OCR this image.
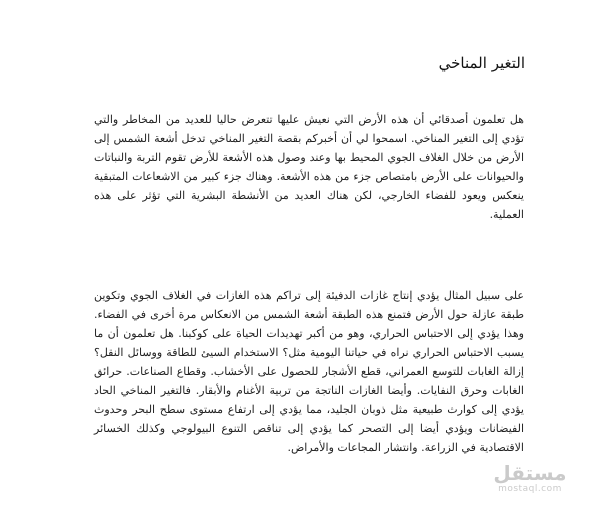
التغير المناخي

هل تعلمون أصدقائي أن هذه الأرض التي نعيش عليها تتعرض حاليا للعديد من المخاطر والتي تؤدي إلى التغير المناخي. اسمحوا لي أن أخبركم بقصة التغير المناخي تدخل أشعة الشمس إلى الأرض من خلال الغلاف الجوي المحيط بها وعند وصول هذه الأشعة للأرض تقوم التربة والنباتات والحيوانات على الأرض بامتصاص جزء من هذه الأشعة. وهناك جزء كبير من الاشعاعات المتبقية ينعكس ويعود للفضاء الخارجي، لكن هناك العديد من الأنشطة البشرية التي تؤثر على هذه العملية.

على سبيل المثال يؤدي إنتاج غازات الدفيئة إلى تراكم هذه الغازات في الغلاف الجوي وتكوين طبقة عازلة حول الأرض فتمنع هذه الطبقة أشعة الشمس من الانعكاس مرة أخرى في الفضاء. وهذا يؤدي إلى الاحتباس الحراري، وهو من أكبر تهديدات الحياة على كوكبنا. هل تعلمون أن ما يسبب الاحتباس الحراري نراه في حياتنا اليومية مثل؟ الاستخدام السيئ للطاقة ووسائل النقل؟ إزالة الغابات للتوسع العمراني، قطع الأشجار للحصول على الأخشاب. وقطاع الصناعات. حرائق الغابات وحرق النفايات. وأيضا الغازات الناتجة من تربية الأغنام والأبقار. فالتغير المناخي الحاد يؤدي إلى كوارث طبيعية مثل ذوبان الجليد، مما يؤدي إلى ارتفاع مستوى سطح البحر وحدوث الفيضانات ويؤدي أيضا إلى التصحر كما يؤدي إلى تناقص التنوع البيولوجي وكذلك الخسائر الاقتصادية في الزراعة. وانتشار المجاعات والأمراض.

مستقل
mostaql.com
